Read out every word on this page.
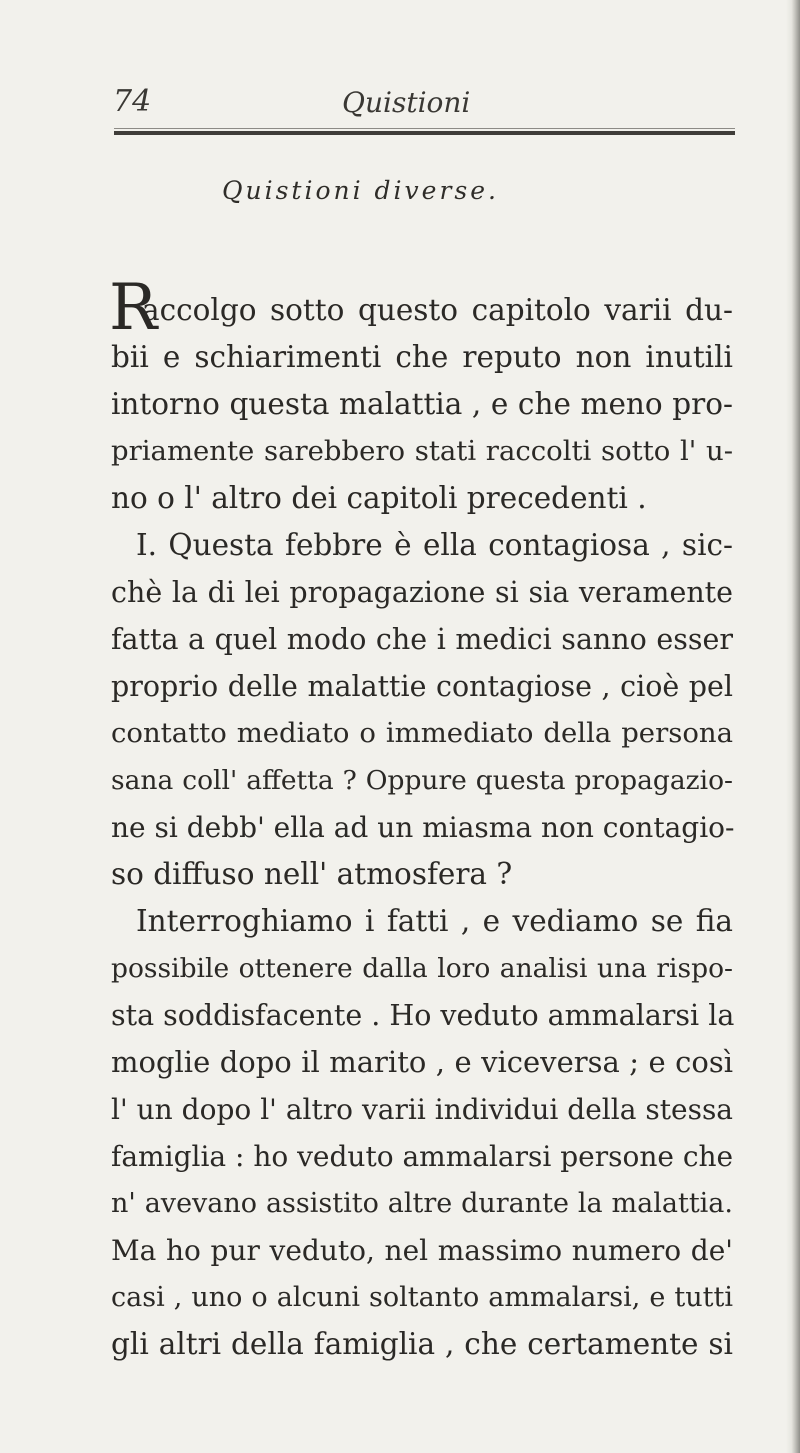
74	Quistioni
Quistioni diverse.
R
accolgo sotto questo capitolo varii du-
bii e schiarimenti che reputo non inutili
intorno questa malattia , e che meno pro-
priamente sarebbero stati raccolti sotto l' u-
no o l' altro dei capitoli precedenti .
I. Questa febbre è ella contagiosa , sic-
chè la di lei propagazione si sia veramente
fatta a quel modo che i medici sanno esser
proprio delle malattie contagiose , cioè pel
contatto mediato o immediato della persona
sana coll' affetta ? Oppure questa propagazio-
ne si debb' ella ad un miasma non contagio-
so diffuso nell' atmosfera ?
Interroghiamo i fatti , e vediamo se fia
possibile ottenere dalla loro analisi una rispo-
sta soddisfacente . Ho veduto ammalarsi la
moglie dopo il marito , e viceversa ; e così
l' un dopo l' altro varii individui della stessa
famiglia : ho veduto ammalarsi persone che
n' avevano assistito altre durante la malattia.
Ma ho pur veduto, nel massimo numero de'
casi , uno o alcuni soltanto ammalarsi, e tutti
gli altri della famiglia , che certamente si
